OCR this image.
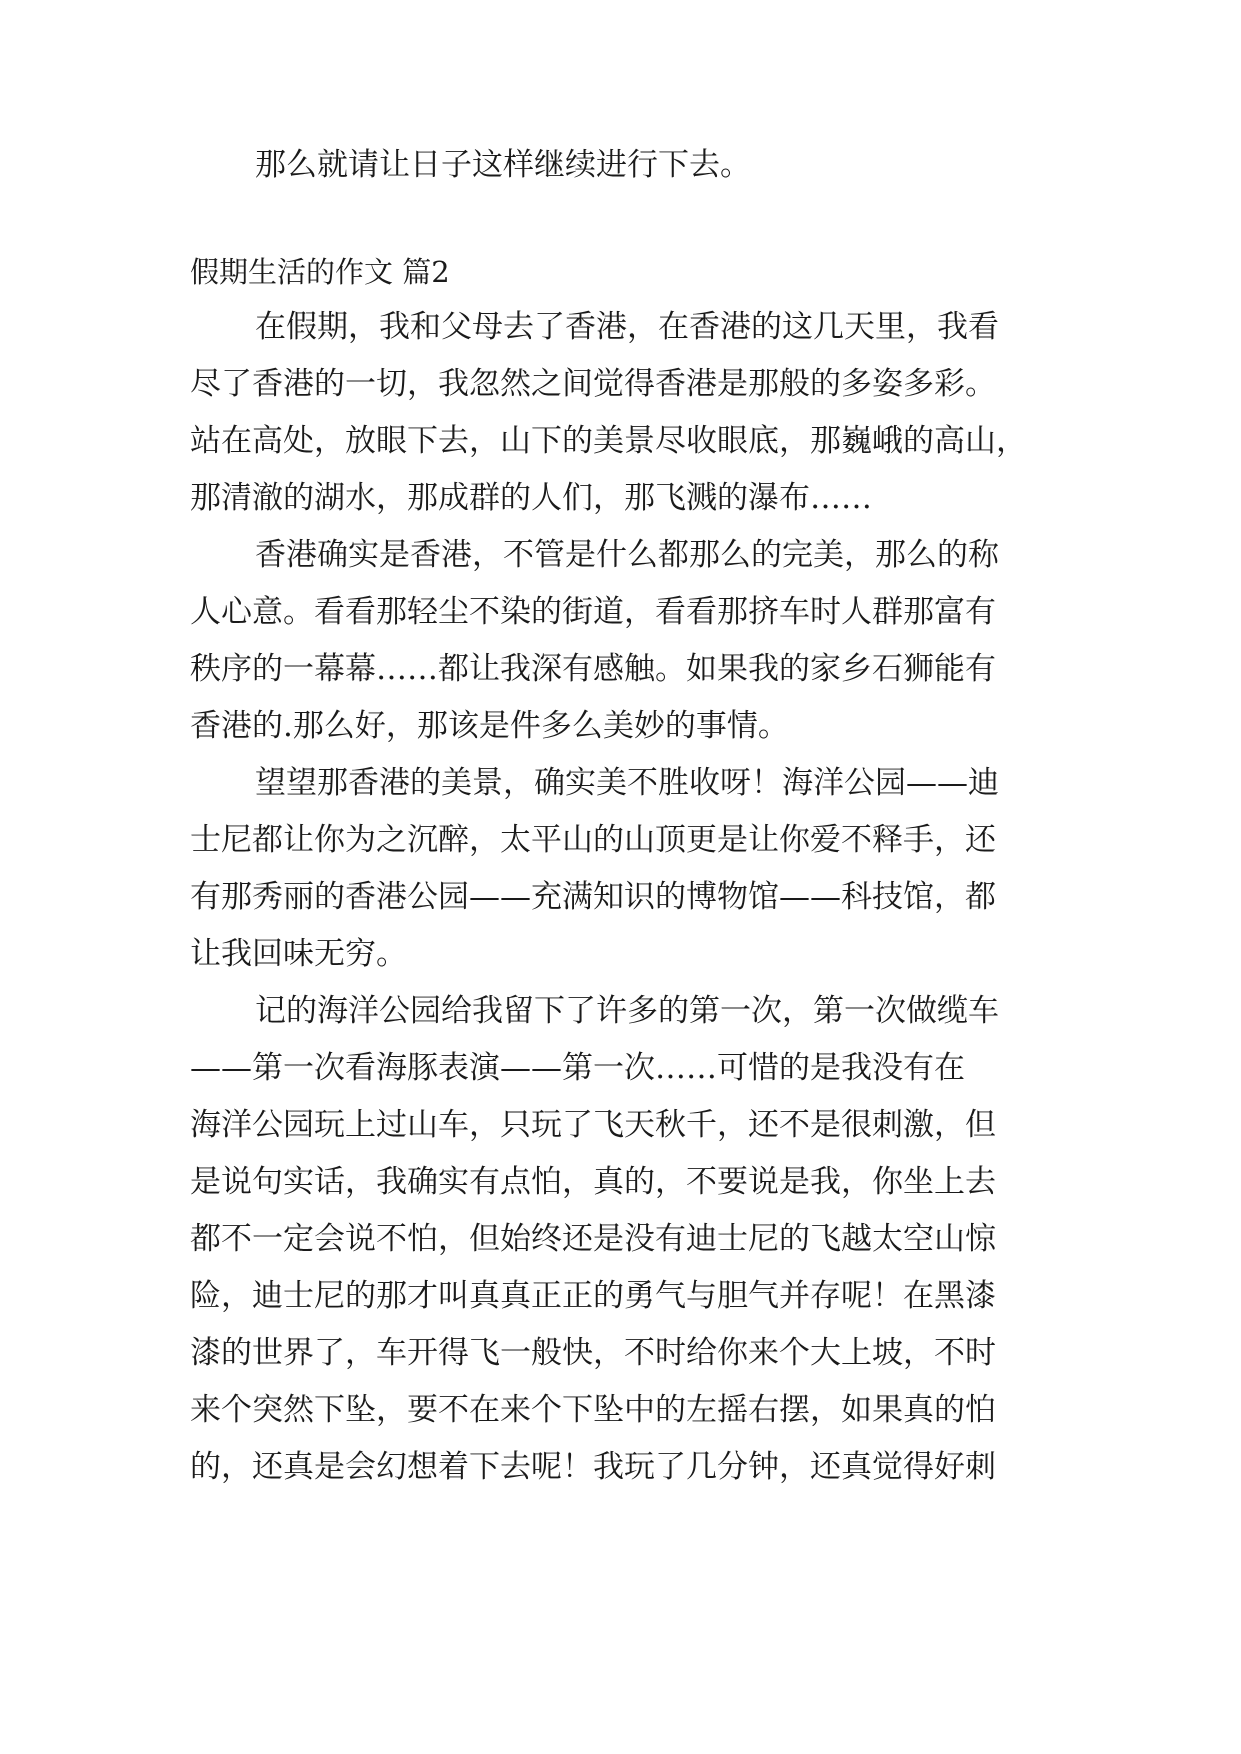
那么就请让日子这样继续进行下去。
假期生活的作文 篇2
在假期，我和父母去了香港，在香港的这几天里，我看
尽了香港的一切，我忽然之间觉得香港是那般的多姿多彩。
站在高处，放眼下去，山下的美景尽收眼底，那巍峨的高山，
那清澈的湖水，那成群的人们，那飞溅的瀑布……
香港确实是香港，不管是什么都那么的完美，那么的称
人心意。看看那轻尘不染的街道，看看那挤车时人群那富有
秩序的一幕幕……都让我深有感触。如果我的家乡石狮能有
香港的.那么好，那该是件多么美妙的事情。
望望那香港的美景，确实美不胜收呀！海洋公园——迪
士尼都让你为之沉醉，太平山的山顶更是让你爱不释手，还
有那秀丽的香港公园——充满知识的博物馆——科技馆，都
让我回味无穷。
记的海洋公园给我留下了许多的第一次，第一次做缆车
——第一次看海豚表演——第一次……可惜的是我没有在
海洋公园玩上过山车，只玩了飞天秋千，还不是很刺激，但
是说句实话，我确实有点怕，真的，不要说是我，你坐上去
都不一定会说不怕，但始终还是没有迪士尼的飞越太空山惊
险，迪士尼的那才叫真真正正的勇气与胆气并存呢！在黑漆
漆的世界了，车开得飞一般快，不时给你来个大上坡，不时
来个突然下坠，要不在来个下坠中的左摇右摆，如果真的怕
的，还真是会幻想着下去呢！我玩了几分钟，还真觉得好刺
